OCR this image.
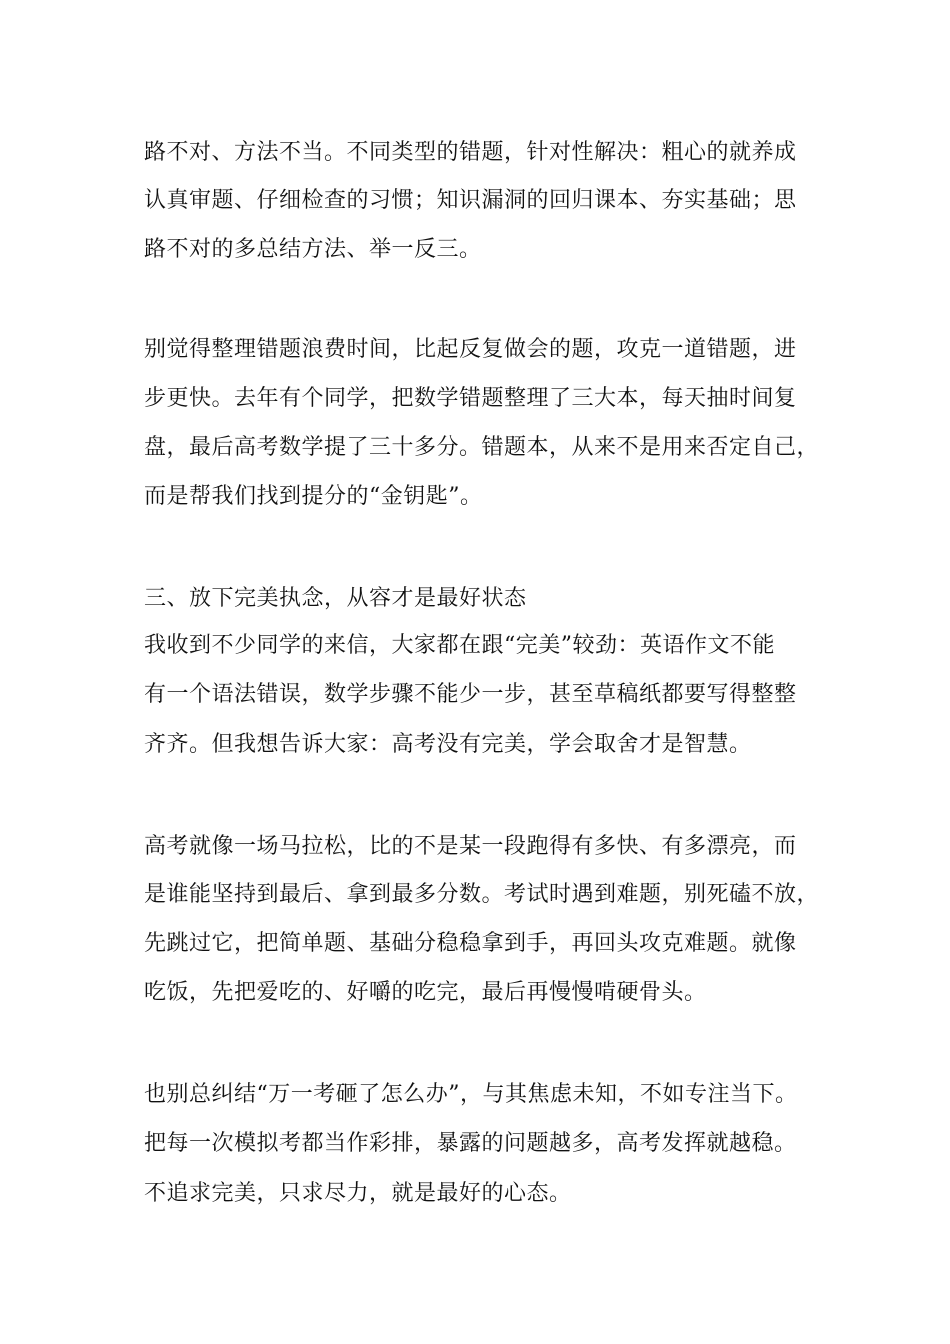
路不对、方法不当。不同类型的错题，针对性解决：粗心的就养成
认真审题、仔细检查的习惯；知识漏洞的回归课本、夯实基础；思
路不对的多总结方法、举一反三。
别觉得整理错题浪费时间，比起反复做会的题，攻克一道错题，进
步更快。去年有个同学，把数学错题整理了三大本，每天抽时间复
盘，最后高考数学提了三十多分。错题本，从来不是用来否定自己，
而是帮我们找到提分的“金钥匙”。
三、放下完美执念，从容才是最好状态
我收到不少同学的来信，大家都在跟“完美”较劲：英语作文不能
有一个语法错误，数学步骤不能少一步，甚至草稿纸都要写得整整
齐齐。但我想告诉大家：高考没有完美，学会取舍才是智慧。
高考就像一场马拉松，比的不是某一段跑得有多快、有多漂亮，而
是谁能坚持到最后、拿到最多分数。考试时遇到难题，别死磕不放，
先跳过它，把简单题、基础分稳稳拿到手，再回头攻克难题。就像
吃饭，先把爱吃的、好嚼的吃完，最后再慢慢啃硬骨头。
也别总纠结“万一考砸了怎么办”，与其焦虑未知，不如专注当下。
把每一次模拟考都当作彩排，暴露的问题越多，高考发挥就越稳。
不追求完美，只求尽力，就是最好的心态。
